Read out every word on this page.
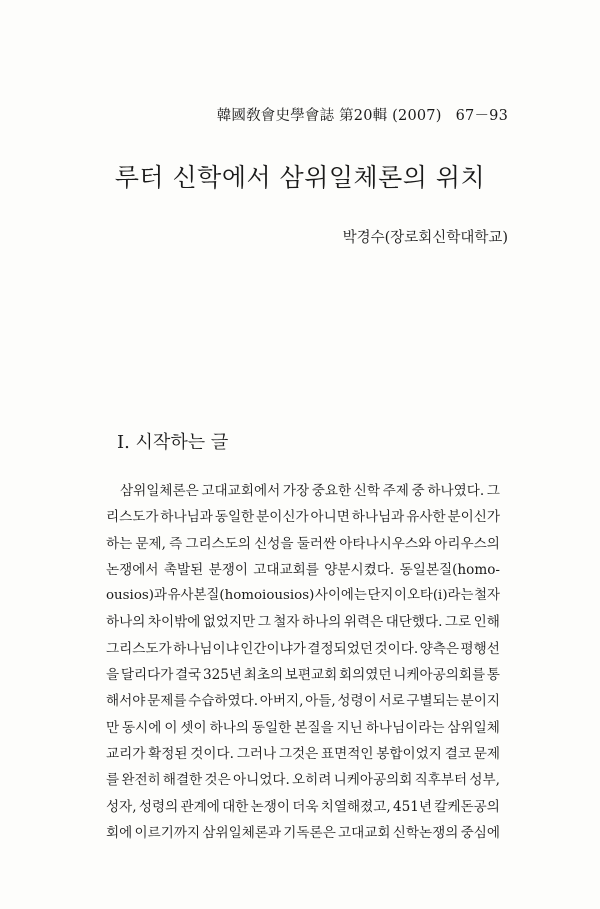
韓國敎會史學會誌 第20輯 (2007) 67－93
루터 신학에서 삼위일체론의 위치
박경수(장로회신학대학교)
I. 시작하는 글
삼위일체론은 고대교회에서 가장 중요한 신학 주제 중 하나였다. 그
리스도가 하나님과 동일한 분이신가 아니면 하나님과 유사한 분이신가
하는 문제, 즉 그리스도의 신성을 둘러싼 아타나시우스와 아리우스의
논쟁에서 촉발된 분쟁이 고대교회를 양분시켰다. 동일본질(homo-
ousios)과 유사본질(homoiousios) 사이에는 단지 이오타(i)라는 철자
하나의 차이밖에 없었지만 그 철자 하나의 위력은 대단했다. 그로 인해
그리스도가 하나님이냐 인간이냐가 결정되었던 것이다. 양측은 평행선
을 달리다가 결국 325년 최초의 보편교회 회의였던 니케아공의회를 통
해서야 문제를 수습하였다. 아버지, 아들, 성령이 서로 구별되는 분이지
만 동시에 이 셋이 하나의 동일한 본질을 지닌 하나님이라는 삼위일체
교리가 확정된 것이다. 그러나 그것은 표면적인 봉합이었지 결코 문제
를 완전히 해결한 것은 아니었다. 오히려 니케아공의회 직후부터 성부,
성자, 성령의 관계에 대한 논쟁이 더욱 치열해졌고, 451년 칼케돈공의
회에 이르기까지 삼위일체론과 기독론은 고대교회 신학논쟁의 중심에
